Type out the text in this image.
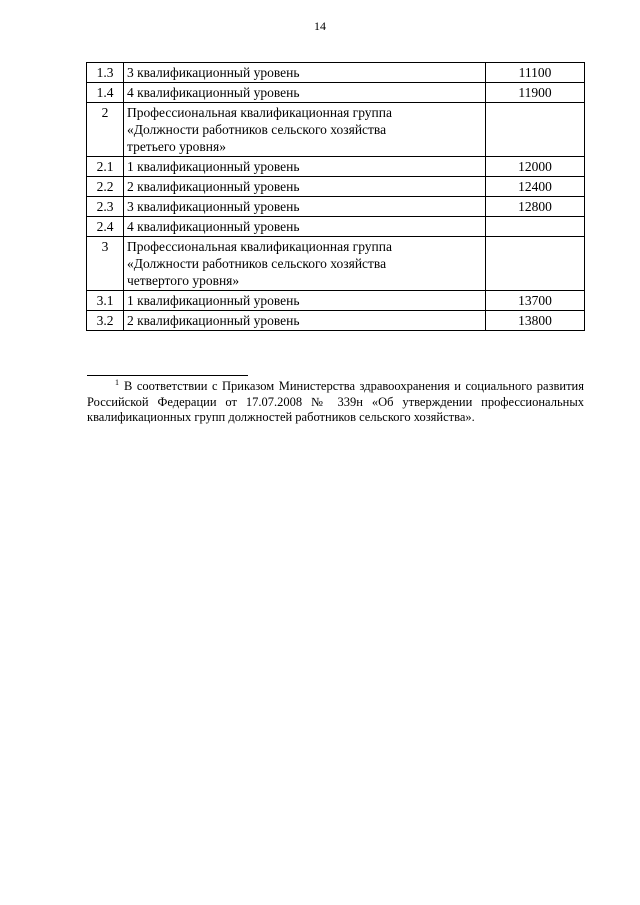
14
1.3	3 квалификационный уровень	11100
1.4	4 квалификационный уровень	11900
2	Профессиональная квалификационная группа
«Должности работников сельского хозяйства
третьего уровня»	
2.1	1 квалификационный уровень	12000
2.2	2 квалификационный уровень	12400
2.3	3 квалификационный уровень	12800
2.4	4 квалификационный уровень	
3	Профессиональная квалификационная группа
«Должности работников сельского хозяйства
четвертого уровня»	
3.1	1 квалификационный уровень	13700
3.2	2 квалификационный уровень	13800
$^1$ В соответствии с Приказом Министерства здравоохранения и социального развития Российской Федерации от 17.07.2008 № 339н «Об утверждении профессиональных квалификационных групп должностей работников сельского хозяйства».
